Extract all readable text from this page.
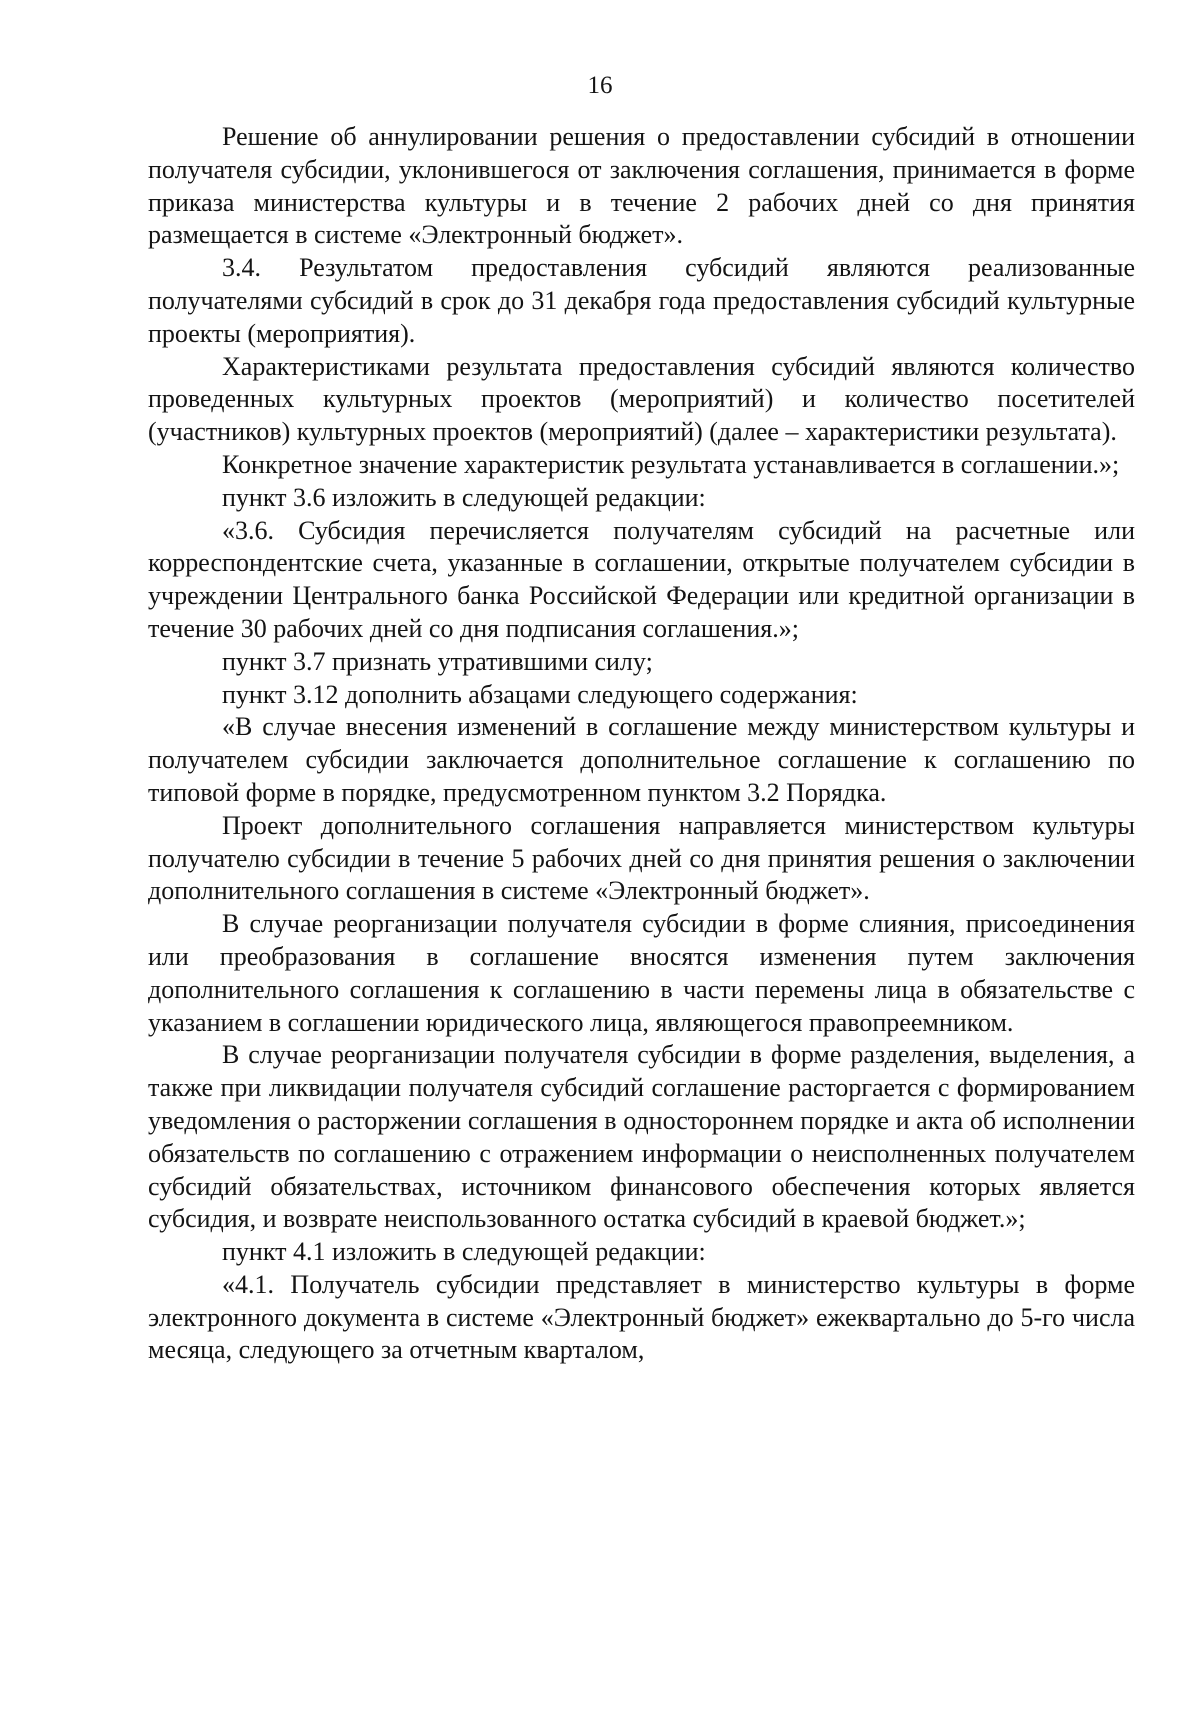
16

Решение об аннулировании решения о предоставлении субсидий в отношении получателя субсидии, уклонившегося от заключения соглашения, принимается в форме приказа министерства культуры и в течение 2 рабочих дней со дня принятия размещается в системе «Электронный бюджет».

3.4. Результатом предоставления субсидий являются реализованные получателями субсидий в срок до 31 декабря года предоставления субсидий культурные проекты (мероприятия).

Характеристиками результата предоставления субсидий являются количество проведенных культурных проектов (мероприятий) и количество посетителей (участников) культурных проектов (мероприятий) (далее – характеристики результата).

Конкретное значение характеристик результата устанавливается в соглашении.»;

пункт 3.6 изложить в следующей редакции:

«3.6. Субсидия перечисляется получателям субсидий на расчетные или корреспондентские счета, указанные в соглашении, открытые получателем субсидии в учреждении Центрального банка Российской Федерации или кредитной организации в течение 30 рабочих дней со дня подписания соглашения.»;

пункт 3.7 признать утратившими силу;

пункт 3.12 дополнить абзацами следующего содержания:

«В случае внесения изменений в соглашение между министерством культуры и получателем субсидии заключается дополнительное соглашение к соглашению по типовой форме в порядке, предусмотренном пунктом 3.2 Порядка.

Проект дополнительного соглашения направляется министерством культуры получателю субсидии в течение 5 рабочих дней со дня принятия решения о заключении дополнительного соглашения в системе «Электронный бюджет».

В случае реорганизации получателя субсидии в форме слияния, присоединения или преобразования в соглашение вносятся изменения путем заключения дополнительного соглашения к соглашению в части перемены лица в обязательстве с указанием в соглашении юридического лица, являющегося правопреемником.

В случае реорганизации получателя субсидии в форме разделения, выделения, а также при ликвидации получателя субсидий соглашение расторгается с формированием уведомления о расторжении соглашения в одностороннем порядке и акта об исполнении обязательств по соглашению с отражением информации о неисполненных получателем субсидий обязательствах, источником финансового обеспечения которых является субсидия, и возврате неиспользованного остатка субсидий в краевой бюджет.»;

пункт 4.1 изложить в следующей редакции:

«4.1. Получатель субсидии представляет в министерство культуры в форме электронного документа в системе «Электронный бюджет» ежеквартально до 5-го числа месяца, следующего за отчетным кварталом,
